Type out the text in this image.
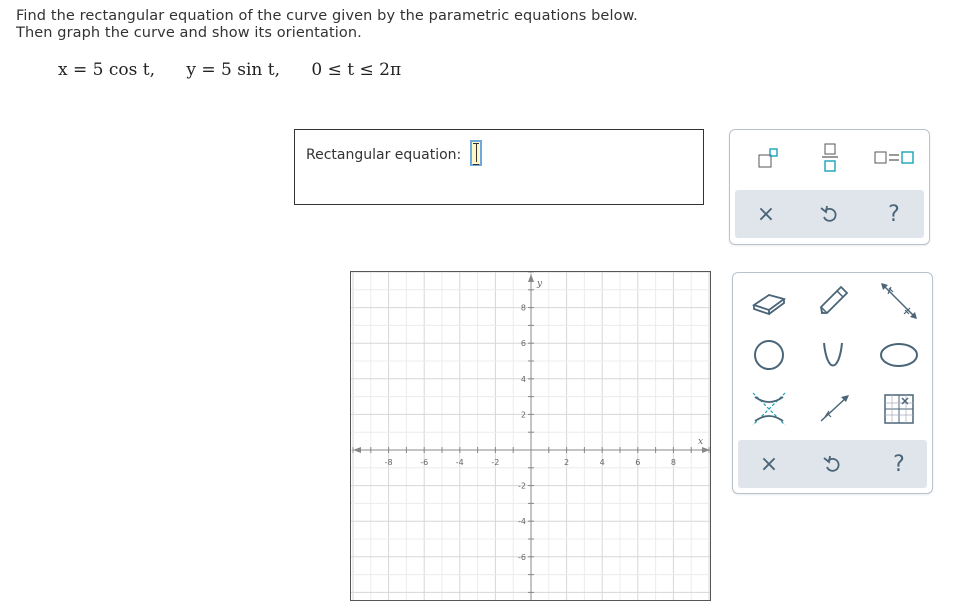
Find the rectangular equation of the curve given by the parametric equations below.
Then graph the curve and show its orientation.
x = 5 cos t, y = 5 sin t, 0 ≤ t ≤ 2π
Rectangular equation:
×	?
-8	-6	-4	-2	2	4	6	8
8
6
4
2
-2
-4
-6
x
y
×	?
